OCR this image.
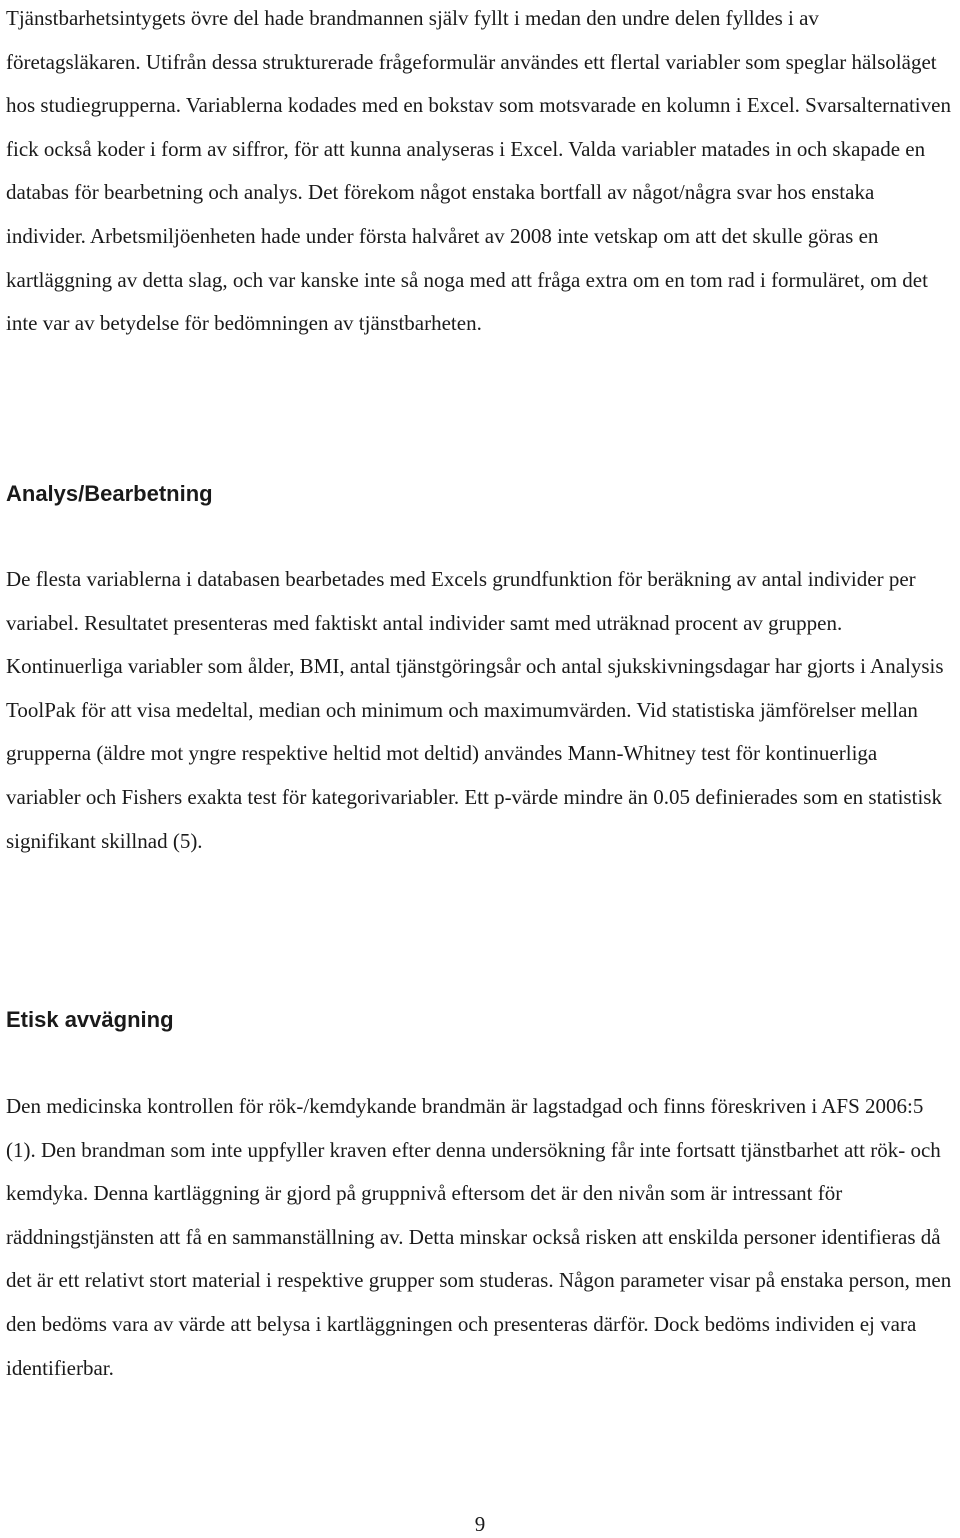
Tjänstbarhetsintygets övre del hade brandmannen själv fyllt i medan den undre delen fylldes i av företagsläkaren. Utifrån dessa strukturerade frågeformulär användes ett flertal variabler som speglar hälsoläget hos studiegrupperna. Variablerna kodades med en bokstav som motsvarade en kolumn i Excel. Svarsalternativen fick också koder i form av siffror, för att kunna analyseras i Excel. Valda variabler matades in och skapade en databas för bearbetning och analys. Det förekom något enstaka bortfall av något/några svar hos enstaka individer. Arbetsmiljöenheten hade under första halvåret av 2008 inte vetskap om att det skulle göras en kartläggning av detta slag, och var kanske inte så noga med att fråga extra om en tom rad i formuläret, om det inte var av betydelse för bedömningen av tjänstbarheten.

Analys/Bearbetning

De flesta variablerna i databasen bearbetades med Excels grundfunktion för beräkning av antal individer per variabel. Resultatet presenteras med faktiskt antal individer samt med uträknad procent av gruppen. Kontinuerliga variabler som ålder, BMI, antal tjänstgöringsår och antal sjukskivningsdagar har gjorts i Analysis ToolPak för att visa medeltal, median och minimum och maximumvärden. Vid statistiska jämförelser mellan grupperna (äldre mot yngre respektive heltid mot deltid) användes Mann-Whitney test för kontinuerliga variabler och Fishers exakta test för kategorivariabler. Ett p-värde mindre än 0.05 definierades som en statistisk signifikant skillnad (5).

Etisk avvägning

Den medicinska kontrollen för rök-/kemdykande brandmän är lagstadgad och finns föreskriven i AFS 2006:5 (1). Den brandman som inte uppfyller kraven efter denna undersökning får inte fortsatt tjänstbarhet att rök- och kemdyka. Denna kartläggning är gjord på gruppnivå eftersom det är den nivån som är intressant för räddningstjänsten att få en sammanställning av. Detta minskar också risken att enskilda personer identifieras då det är ett relativt stort material i respektive grupper som studeras. Någon parameter visar på enstaka person, men den bedöms vara av värde att belysa i kartläggningen och presenteras därför. Dock bedöms individen ej vara identifierbar.

9
